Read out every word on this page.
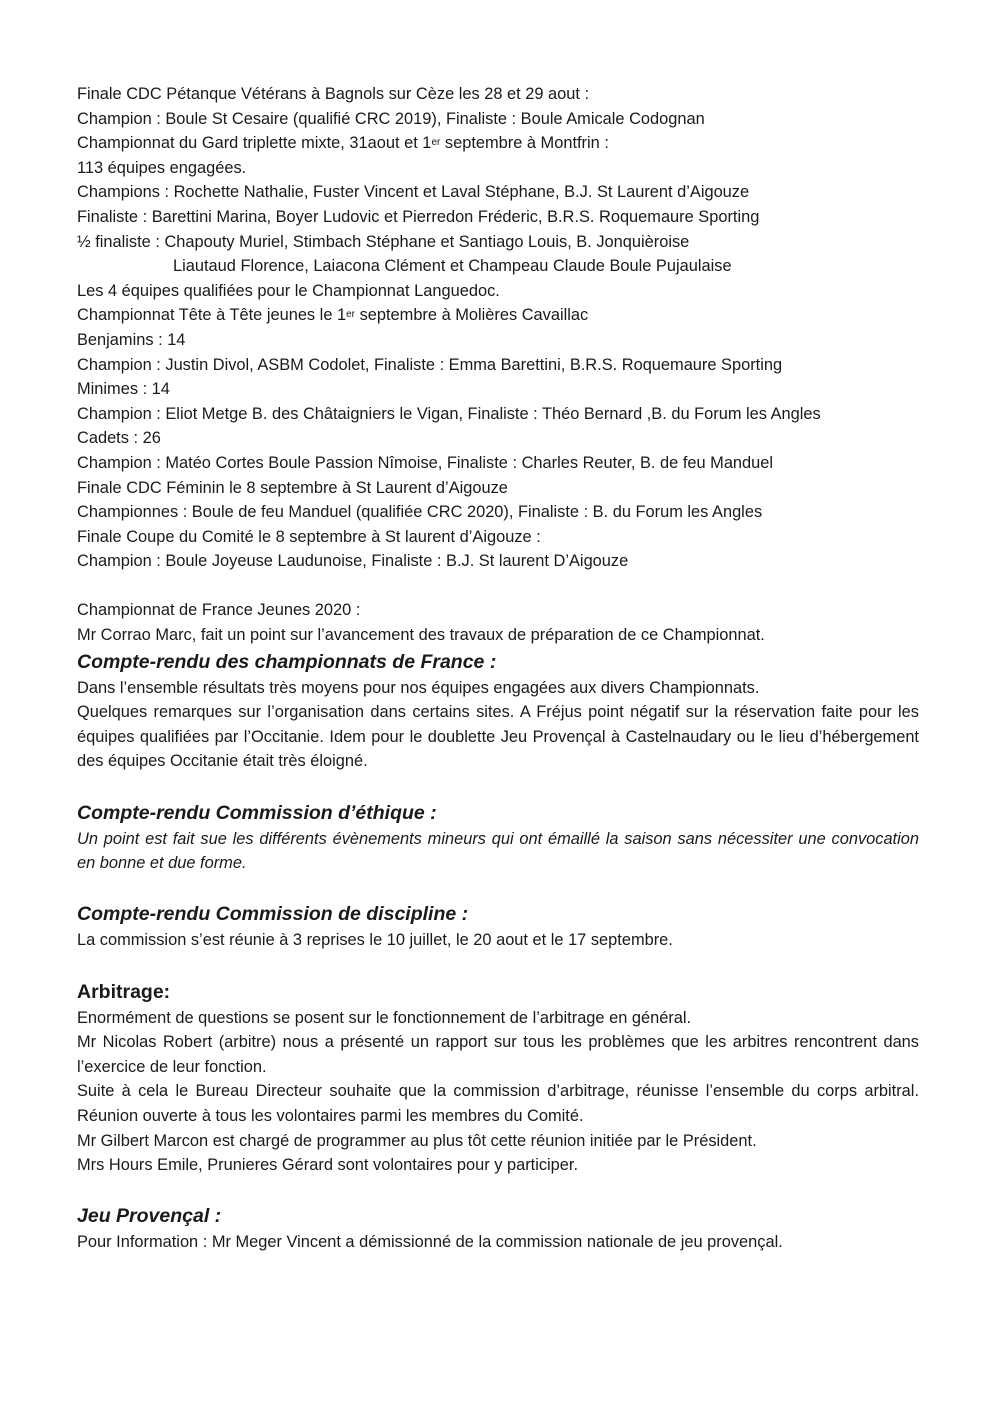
Finale CDC Pétanque Vétérans à Bagnols sur Cèze les 28 et 29 aout :
Champion : Boule St Cesaire (qualifié CRC 2019), Finaliste : Boule Amicale Codognan
Championnat du Gard triplette mixte, 31aout et 1er septembre à Montfrin :
113 équipes engagées.
Champions : Rochette Nathalie, Fuster Vincent et Laval Stéphane, B.J. St Laurent d’Aigouze
Finaliste : Barettini Marina, Boyer Ludovic et Pierredon Fréderic, B.R.S. Roquemaure Sporting
½ finaliste : Chapouty Muriel, Stimbach Stéphane et Santiago Louis, B. Jonquièroise
Liautaud Florence, Laiacona Clément et Champeau Claude Boule Pujaulaise
Les 4 équipes qualifiées pour le Championnat Languedoc.
Championnat Tête à Tête jeunes le 1er septembre à Molières Cavaillac
Benjamins : 14
Champion : Justin Divol, ASBM Codolet, Finaliste : Emma Barettini, B.R.S. Roquemaure Sporting
Minimes : 14
Champion : Eliot Metge B. des Châtaigniers le Vigan, Finaliste : Théo Bernard ,B. du Forum les Angles
Cadets : 26
Champion : Matéo Cortes Boule Passion Nîmoise, Finaliste : Charles Reuter, B. de feu Manduel
Finale CDC Féminin le 8 septembre à St Laurent d’Aigouze
Championnes : Boule de feu Manduel (qualifiée CRC 2020), Finaliste : B. du Forum les Angles
Finale Coupe du Comité le 8 septembre à St laurent d’Aigouze :
Champion : Boule Joyeuse Laudunoise, Finaliste : B.J. St laurent D’Aigouze
Championnat de France Jeunes 2020 :
Mr Corrao Marc, fait un point sur l’avancement des travaux de préparation de ce Championnat.
Compte-rendu des championnats de France :
Dans l’ensemble résultats très moyens pour nos équipes engagées aux divers Championnats.
Quelques remarques sur l’organisation dans certains sites. A Fréjus point négatif sur la réservation faite pour les équipes qualifiées par l’Occitanie. Idem pour le doublette Jeu Provençal à Castelnaudary ou le lieu d’hébergement des équipes Occitanie était très éloigné.
Compte-rendu Commission d’éthique :
Un point est fait sue les différents évènements mineurs qui ont émaillé la saison sans nécessiter une convocation en bonne et due forme.
Compte-rendu Commission de discipline :
La commission s’est réunie à 3 reprises le 10 juillet, le 20 aout et le 17 septembre.
Arbitrage:
Enormément de questions se posent sur le fonctionnement de l’arbitrage en général.
Mr Nicolas Robert (arbitre) nous a présenté un rapport sur tous les problèmes que les arbitres rencontrent dans l’exercice de leur fonction.
Suite à cela le Bureau Directeur souhaite que la commission d’arbitrage, réunisse l’ensemble du corps arbitral. Réunion ouverte à tous les volontaires parmi les membres du Comité.
Mr Gilbert Marcon est chargé de programmer au plus tôt cette réunion initiée par le Président.
Mrs Hours Emile, Prunieres Gérard sont volontaires pour y participer.
Jeu Provençal :
Pour Information : Mr Meger Vincent a démissionné de la commission nationale de jeu provençal.
